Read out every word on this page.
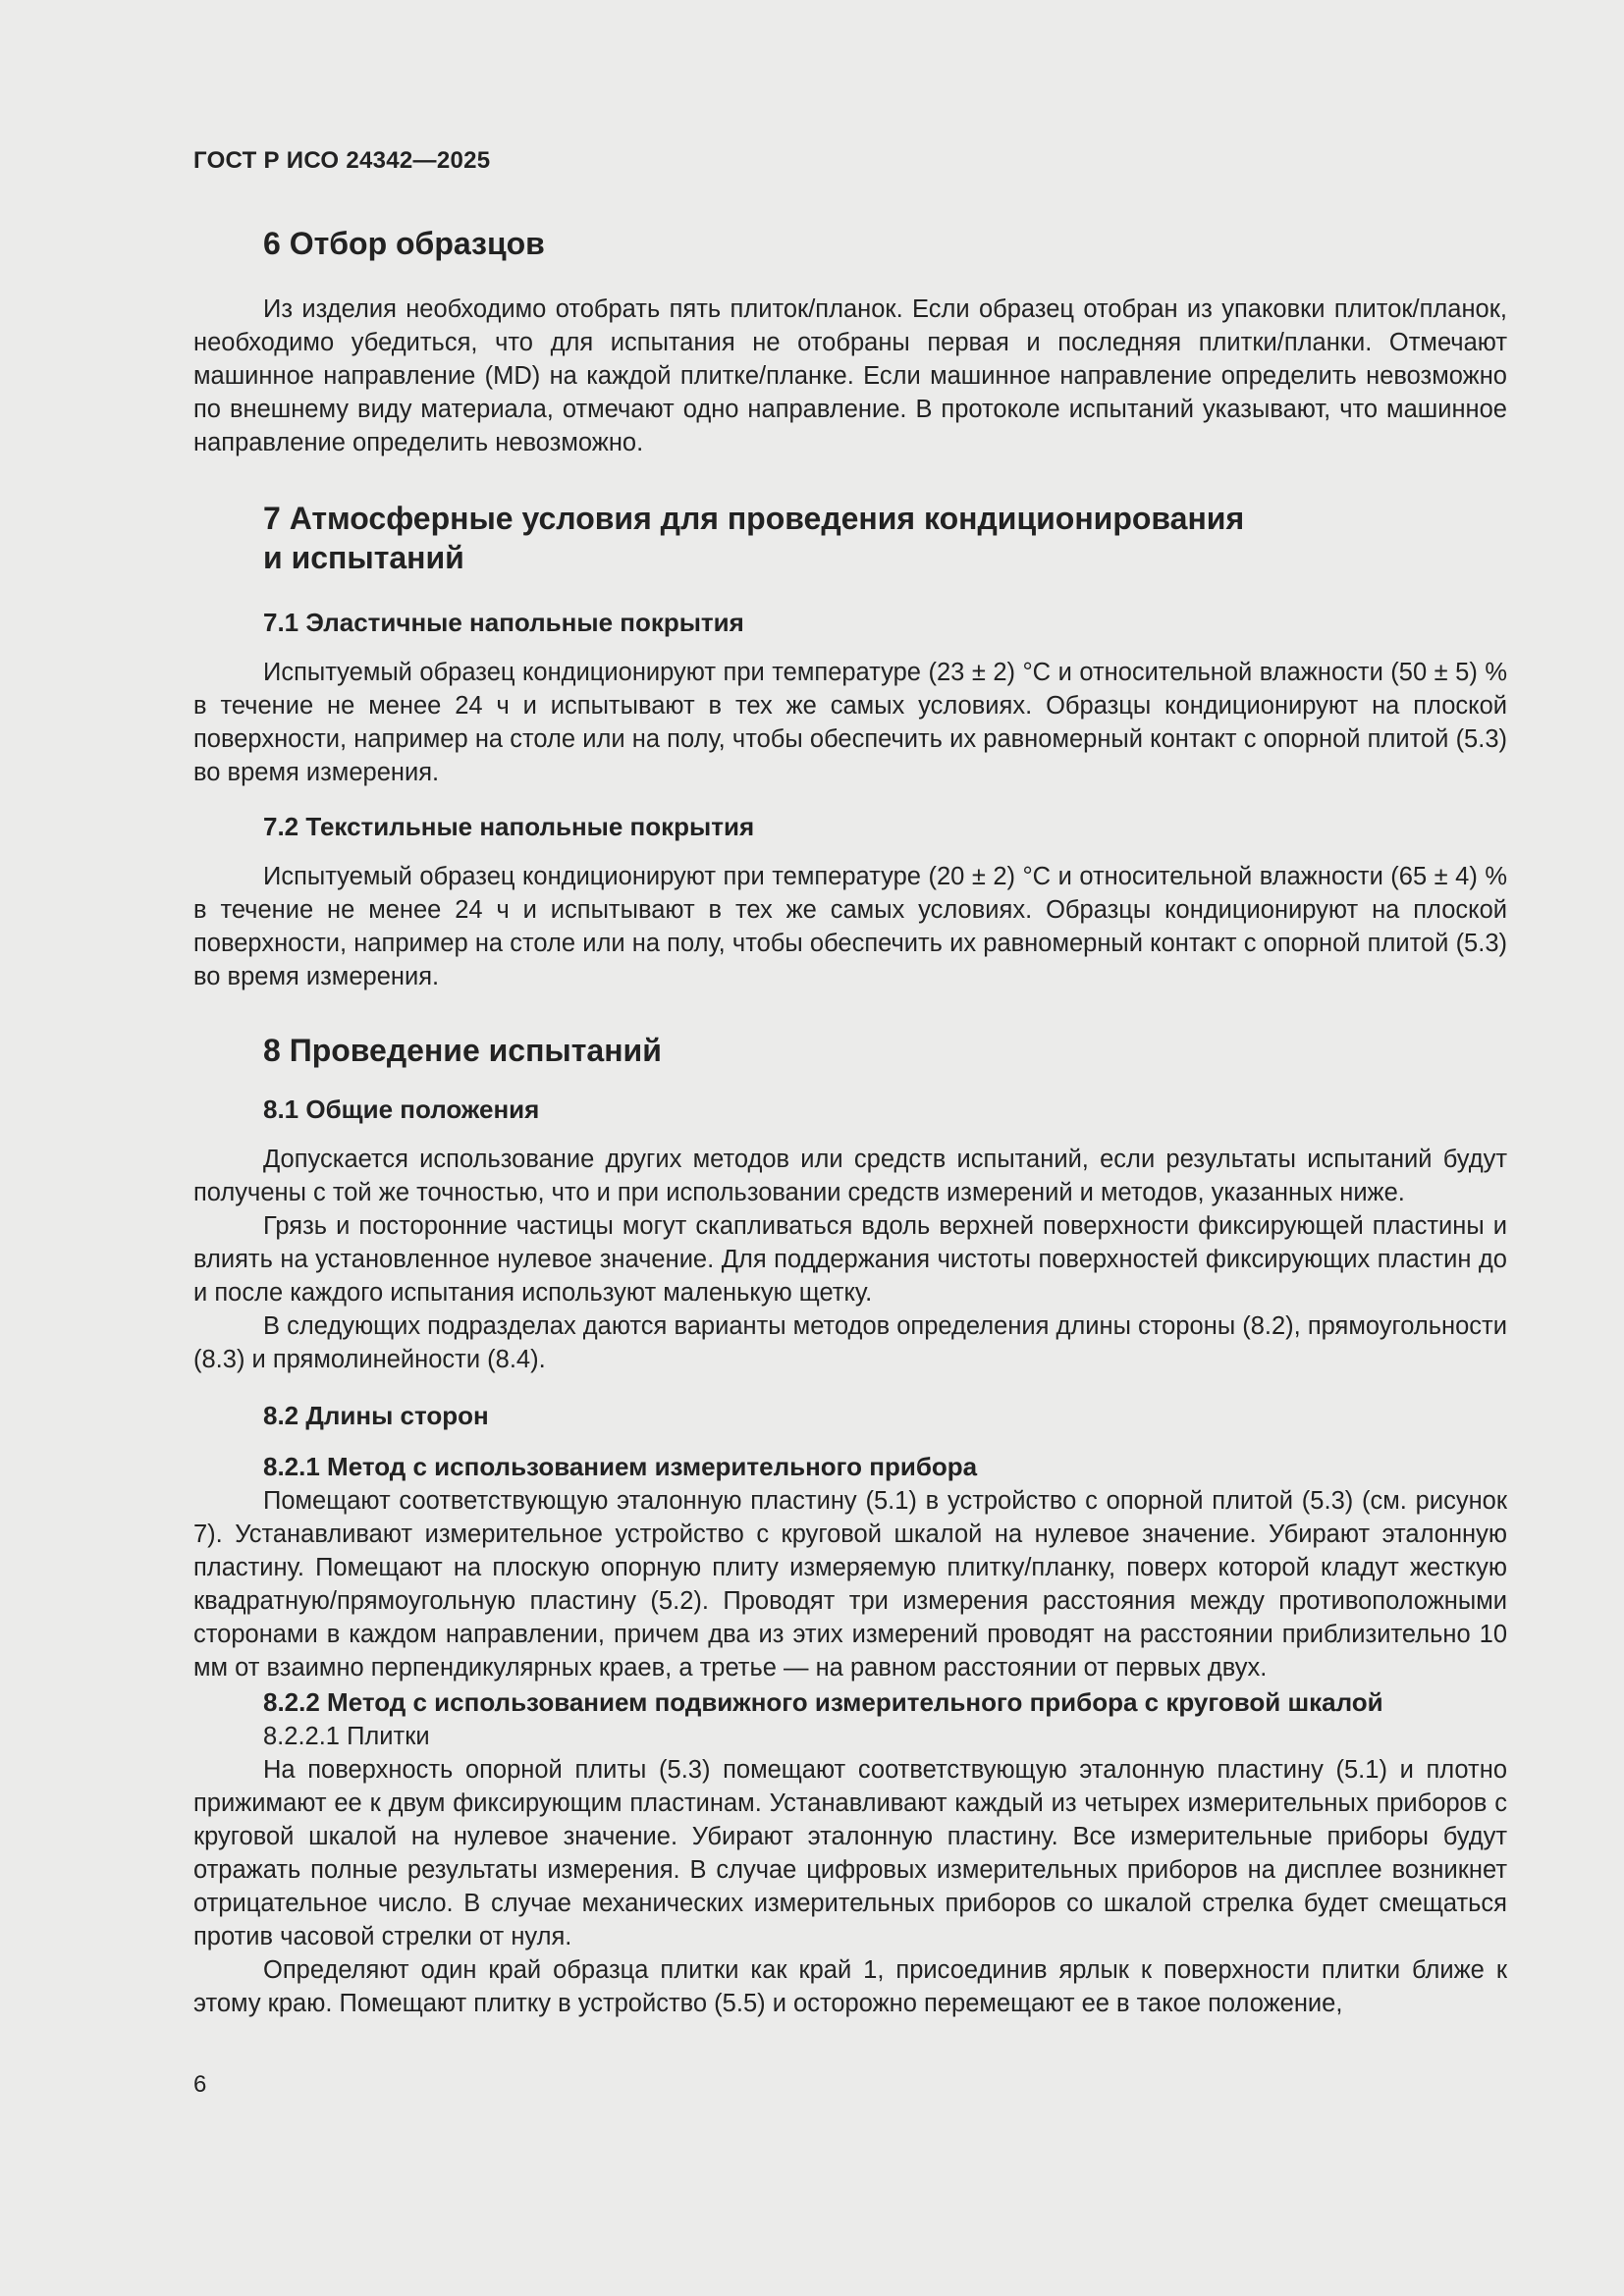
ГОСТ Р ИСО 24342—2025
6 Отбор образцов

Из изделия необходимо отобрать пять плиток/планок. Если образец отобран из упаковки плиток/планок, необходимо убедиться, что для испытания не отобраны первая и последняя плитки/планки. Отмечают машинное направление (MD) на каждой плитке/планке. Если машинное направление определить невозможно по внешнему виду материала, отмечают одно направление. В протоколе испытаний указывают, что машинное направление определить невозможно.

7 Атмосферные условия для проведения кондиционирования
и испытаний
7.1 Эластичные напольные покрытия

Испытуемый образец кондиционируют при температуре (23 ± 2) °С и относительной влажности (50 ± 5) % в течение не менее 24 ч и испытывают в тех же самых условиях. Образцы кондиционируют на плоской поверхности, например на столе или на полу, чтобы обеспечить их равномерный контакт с опорной плитой (5.3) во время измерения.

7.2 Текстильные напольные покрытия

Испытуемый образец кондиционируют при температуре (20 ± 2) °С и относительной влажности (65 ± 4) % в течение не менее 24 ч и испытывают в тех же самых условиях. Образцы кондиционируют на плоской поверхности, например на столе или на полу, чтобы обеспечить их равномерный контакт с опорной плитой (5.3) во время измерения.

8 Проведение испытаний
8.1 Общие положения

Допускается использование других методов или средств испытаний, если результаты испытаний будут получены с той же точностью, что и при использовании средств измерений и методов, указанных ниже.

Грязь и посторонние частицы могут скапливаться вдоль верхней поверхности фиксирующей пластины и влиять на установленное нулевое значение. Для поддержания чистоты поверхностей фиксирующих пластин до и после каждого испытания используют маленькую щетку.

В следующих подразделах даются варианты методов определения длины стороны (8.2), прямоугольности (8.3) и прямолинейности (8.4).

8.2 Длины сторон
8.2.1 Метод с использованием измерительного прибора

Помещают соответствующую эталонную пластину (5.1) в устройство с опорной плитой (5.3) (см. рисунок 7). Устанавливают измерительное устройство с круговой шкалой на нулевое значение. Убирают эталонную пластину. Помещают на плоскую опорную плиту измеряемую плитку/планку, поверх которой кладут жесткую квадратную/прямоугольную пластину (5.2). Проводят три измерения расстояния между противоположными сторонами в каждом направлении, причем два из этих измерений проводят на расстоянии приблизительно 10 мм от взаимно перпендикулярных краев, а третье — на равном расстоянии от первых двух.

8.2.2 Метод с использованием подвижного измерительного прибора с круговой шкалой
8.2.2.1 Плитки

На поверхность опорной плиты (5.3) помещают соответствующую эталонную пластину (5.1) и плотно прижимают ее к двум фиксирующим пластинам. Устанавливают каждый из четырех измерительных приборов с круговой шкалой на нулевое значение. Убирают эталонную пластину. Все измерительные приборы будут отражать полные результаты измерения. В случае цифровых измерительных приборов на дисплее возникнет отрицательное число. В случае механических измерительных приборов со шкалой стрелка будет смещаться против часовой стрелки от нуля.

Определяют один край образца плитки как край 1, присоединив ярлык к поверхности плитки ближе к этому краю. Помещают плитку в устройство (5.5) и осторожно перемещают ее в такое положение,

6
